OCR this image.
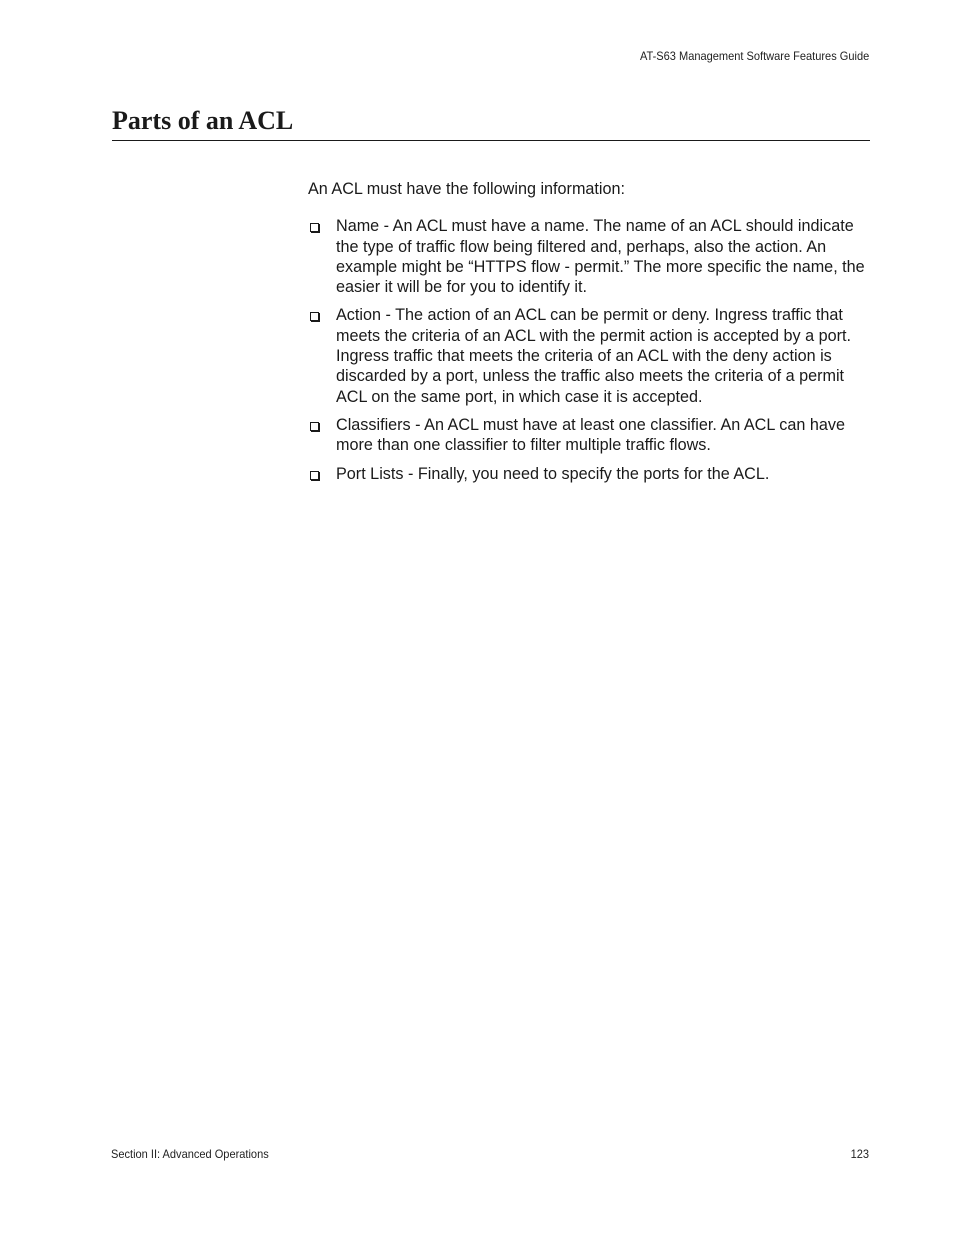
AT-S63 Management Software Features Guide
Parts of an ACL

An ACL must have the following information:

Name - An ACL must have a name. The name of an ACL should indicate the type of traffic flow being filtered and, perhaps, also the action. An example might be “HTTPS flow - permit.” The more specific the name, the easier it will be for you to identify it.
Action - The action of an ACL can be permit or deny. Ingress traffic that meets the criteria of an ACL with the permit action is accepted by a port. Ingress traffic that meets the criteria of an ACL with the deny action is discarded by a port, unless the traffic also meets the criteria of a permit ACL on the same port, in which case it is accepted.
Classifiers - An ACL must have at least one classifier. An ACL can have more than one classifier to filter multiple traffic flows.
Port Lists - Finally, you need to specify the ports for the ACL.
Section II: Advanced Operations	123
